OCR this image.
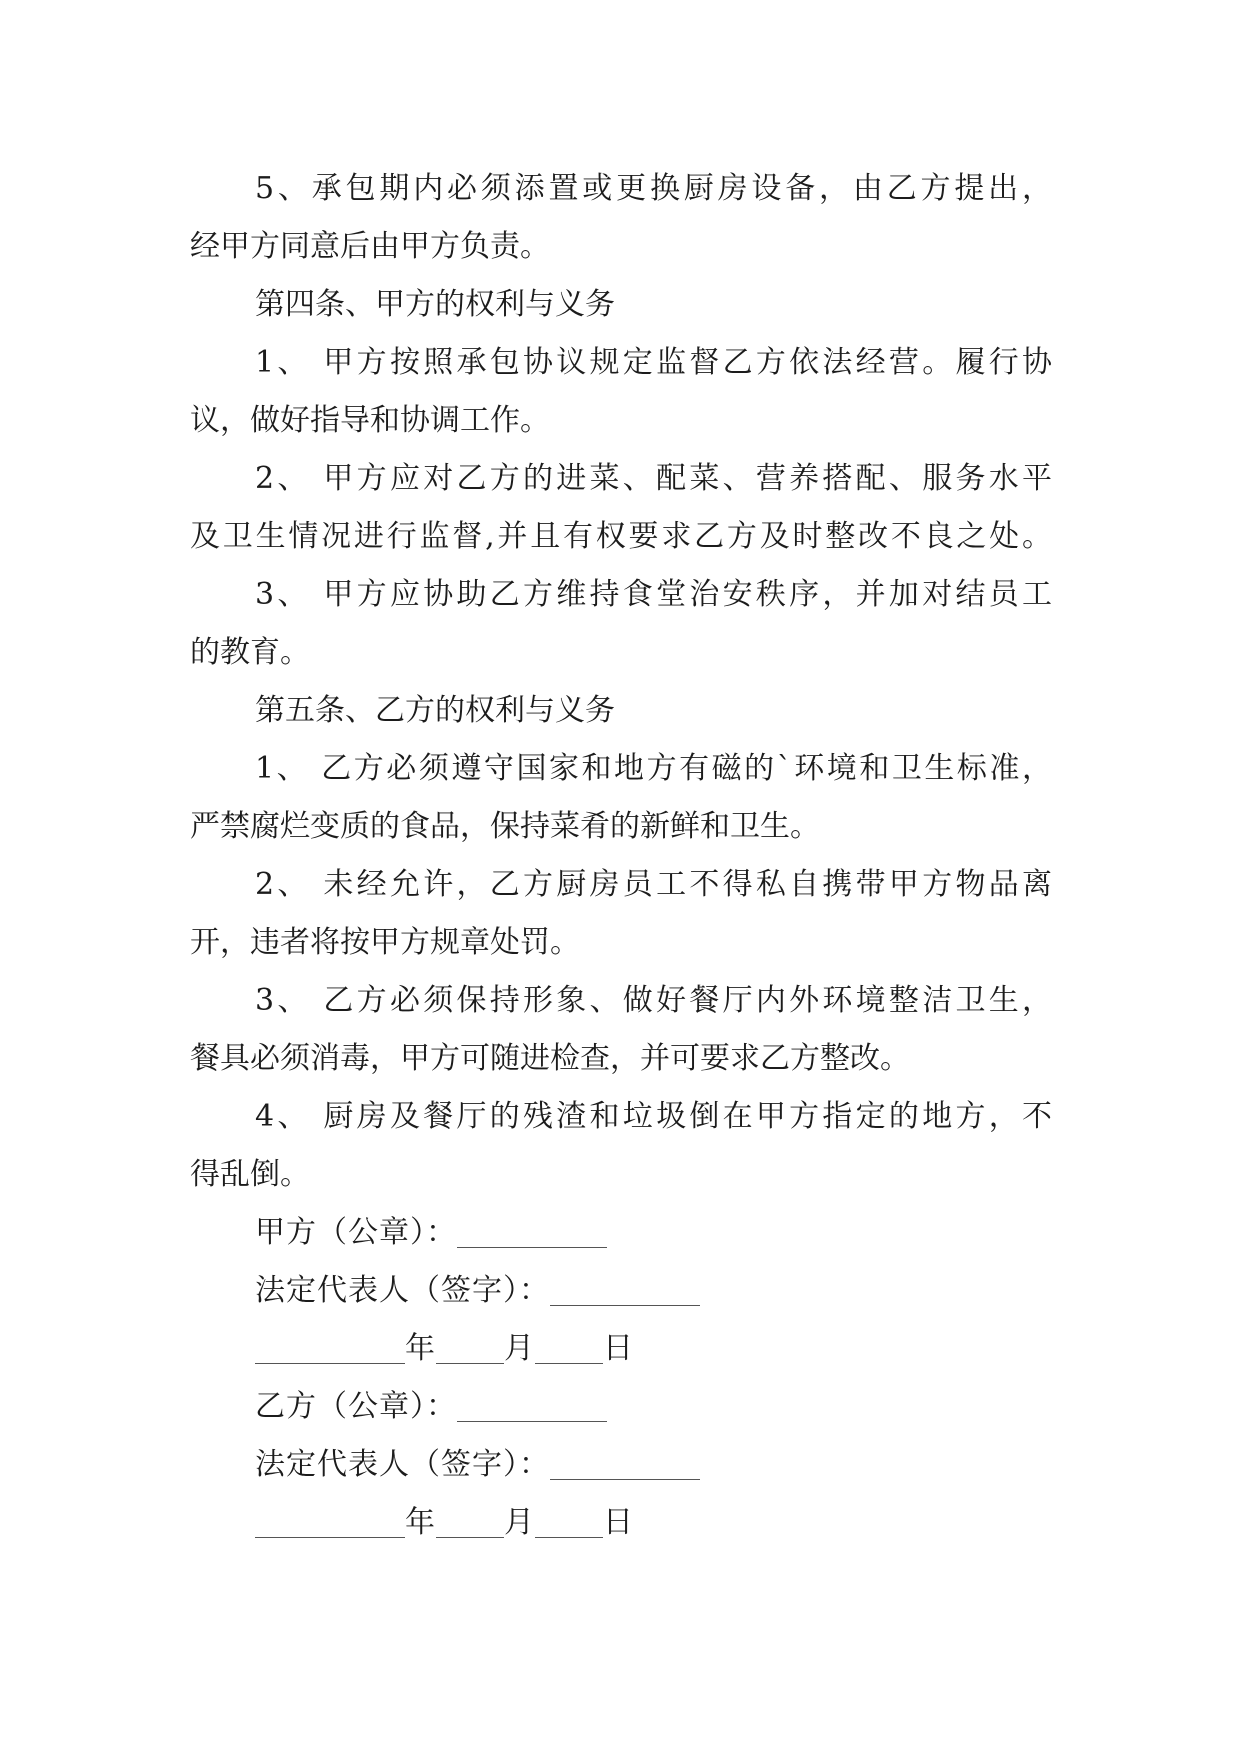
5、承包期内必须添置或更换厨房设备，由乙方提出，
经甲方同意后由甲方负责。
第四条、甲方的权利与义务
1、 甲方按照承包协议规定监督乙方依法经营。履行协
议，做好指导和协调工作。
2、 甲方应对乙方的进菜、配菜、营养搭配、服务水平
及卫生情况进行监督,并且有权要求乙方及时整改不良之处。
3、 甲方应协助乙方维持食堂治安秩序，并加对结员工
的教育。
第五条、乙方的权利与义务
1、 乙方必须遵守国家和地方有磁的`环境和卫生标准，
严禁腐烂变质的食品，保持菜肴的新鲜和卫生。
2、 未经允许，乙方厨房员工不得私自携带甲方物品离
开，违者将按甲方规章处罚。
3、 乙方必须保持形象、做好餐厅内外环境整洁卫生，
餐具必须消毒，甲方可随进检查，并可要求乙方整改。
4、 厨房及餐厅的残渣和垃圾倒在甲方指定的地方，不
得乱倒。
甲方（公章）：
法定代表人（签字）：
年 月 日
乙方（公章）：
法定代表人（签字）：
年 月 日
